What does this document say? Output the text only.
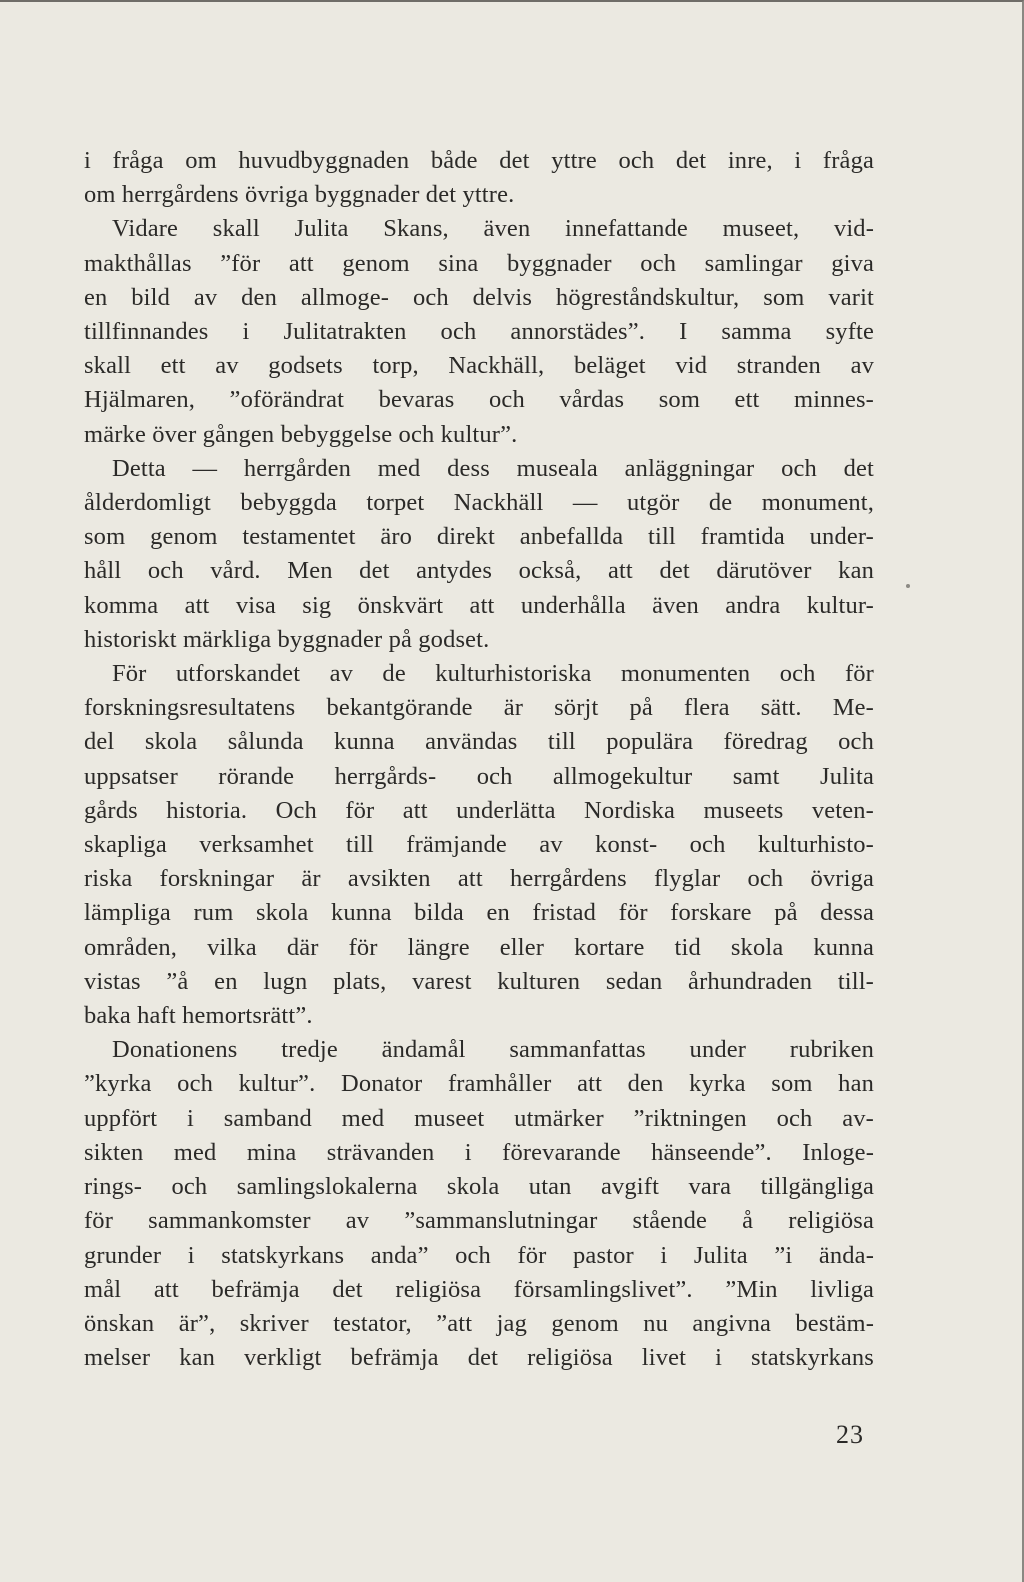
i fråga om huvudbyggnaden både det yttre och det inre, i fråga
om herrgårdens övriga byggnader det yttre.
Vidare skall Julita Skans, även innefattande museet, vid-
makthållas ”för att genom sina byggnader och samlingar giva
en bild av den allmoge- och delvis högreståndskultur, som varit
tillfinnandes i Julitatrakten och annorstädes”. I samma syfte
skall ett av godsets torp, Nackhäll, beläget vid stranden av
Hjälmaren, ”oförändrat bevaras och vårdas som ett minnes-
märke över gången bebyggelse och kultur”.
Detta — herrgården med dess museala anläggningar och det
ålderdomligt bebyggda torpet Nackhäll — utgör de monument,
som genom testamentet äro direkt anbefallda till framtida under-
håll och vård. Men det antydes också, att det därutöver kan
komma att visa sig önskvärt att underhålla även andra kultur-
historiskt märkliga byggnader på godset.
För utforskandet av de kulturhistoriska monumenten och för
forskningsresultatens bekantgörande är sörjt på flera sätt. Me-
del skola sålunda kunna användas till populära föredrag och
uppsatser rörande herrgårds- och allmogekultur samt Julita
gårds historia. Och för att underlätta Nordiska museets veten-
skapliga verksamhet till främjande av konst- och kulturhisto-
riska forskningar är avsikten att herrgårdens flyglar och övriga
lämpliga rum skola kunna bilda en fristad för forskare på dessa
områden, vilka där för längre eller kortare tid skola kunna
vistas ”å en lugn plats, varest kulturen sedan århundraden till-
baka haft hemortsrätt”.
Donationens tredje ändamål sammanfattas under rubriken
”kyrka och kultur”. Donator framhåller att den kyrka som han
uppfört i samband med museet utmärker ”riktningen och av-
sikten med mina strävanden i förevarande hänseende”. Inloge-
rings- och samlingslokalerna skola utan avgift vara tillgängliga
för sammankomster av ”sammanslutningar stående å religiösa
grunder i statskyrkans anda” och för pastor i Julita ”i ända-
mål att befrämja det religiösa församlingslivet”. ”Min livliga
önskan är”, skriver testator, ”att jag genom nu angivna bestäm-
melser kan verkligt befrämja det religiösa livet i statskyrkans
23
